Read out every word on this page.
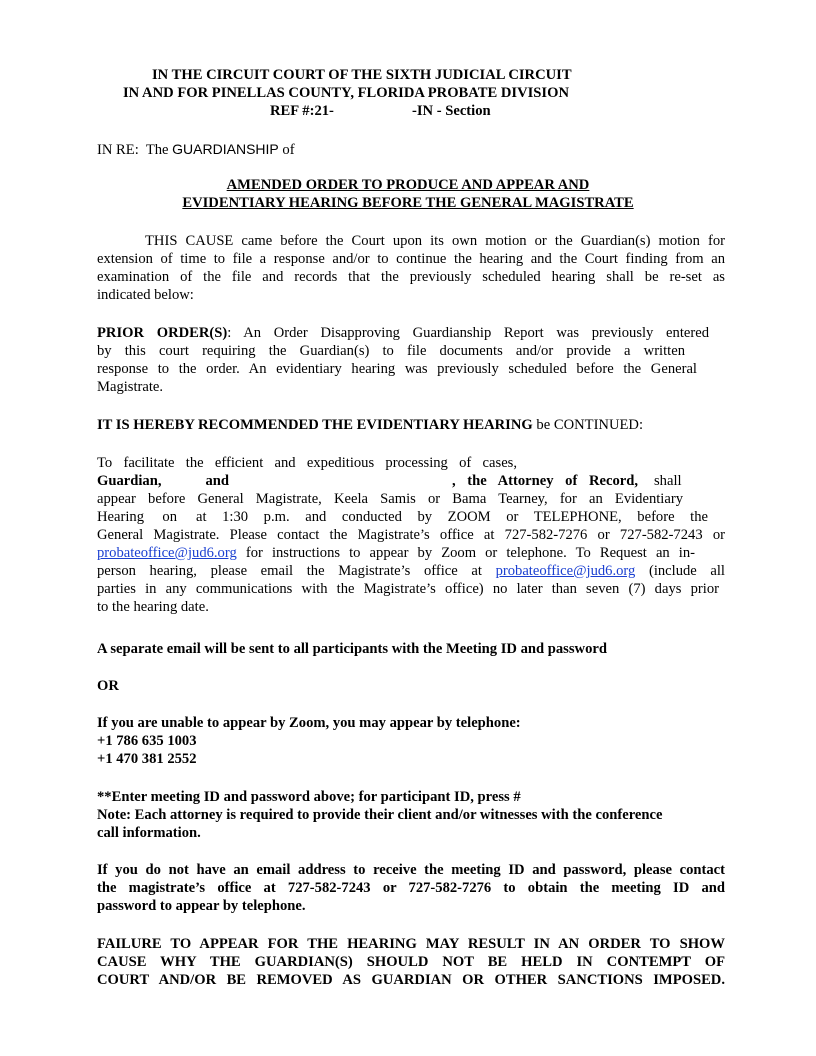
IN THE CIRCUIT COURT OF THE SIXTH JUDICIAL CIRCUIT
IN AND FOR PINELLAS COUNTY, FLORIDA PROBATE DIVISION
REF #:21-	-IN - Section
IN RE: The GUARDIANSHIP of
AMENDED ORDER TO PRODUCE AND APPEAR AND
EVIDENTIARY HEARING BEFORE THE GENERAL MAGISTRATE
THIS CAUSE came before the Court upon its own motion or the Guardian(s) motion for
extension of time to file a response and/or to continue the hearing and the Court finding from an
examination of the file and records that the previously scheduled hearing shall be re-set as
indicated below:
PRIOR ORDER(S): An Order Disapproving Guardianship Report was previously entered
by this court requiring the Guardian(s) to file documents and/or provide a written
response to the order. An evidentiary hearing was previously scheduled before the General
Magistrate.
IT IS HEREBY RECOMMENDED THE EVIDENTIARY HEARING be CONTINUED:
To facilitate the efficient and expeditious processing of cases,
Guardian, and	, the Attorney of Record, shall
appear before General Magistrate, Keela Samis or Bama Tearney, for an Evidentiary
Hearing on at 1:30 p.m. and conducted by ZOOM or TELEPHONE, before the
General Magistrate. Please contact the Magistrate’s office at 727-582-7276 or 727-582-7243 or
probateoffice@jud6.org for instructions to appear by Zoom or telephone. To Request an in-
person hearing, please email the Magistrate’s office at probateoffice@jud6.org (include all
parties in any communications with the Magistrate’s office) no later than seven (7) days prior
to the hearing date.
A separate email will be sent to all participants with the Meeting ID and password
OR
If you are unable to appear by Zoom, you may appear by telephone:
+1 786 635 1003
+1 470 381 2552
**Enter meeting ID and password above; for participant ID, press #
Note: Each attorney is required to provide their client and/or witnesses with the conference
call information.
If you do not have an email address to receive the meeting ID and password, please contact
the magistrate’s office at 727-582-7243 or 727-582-7276 to obtain the meeting ID and
password to appear by telephone.
FAILURE TO APPEAR FOR THE HEARING MAY RESULT IN AN ORDER TO SHOW
CAUSE WHY THE GUARDIAN(S) SHOULD NOT BE HELD IN CONTEMPT OF
COURT AND/OR BE REMOVED AS GUARDIAN OR OTHER SANCTIONS IMPOSED.
